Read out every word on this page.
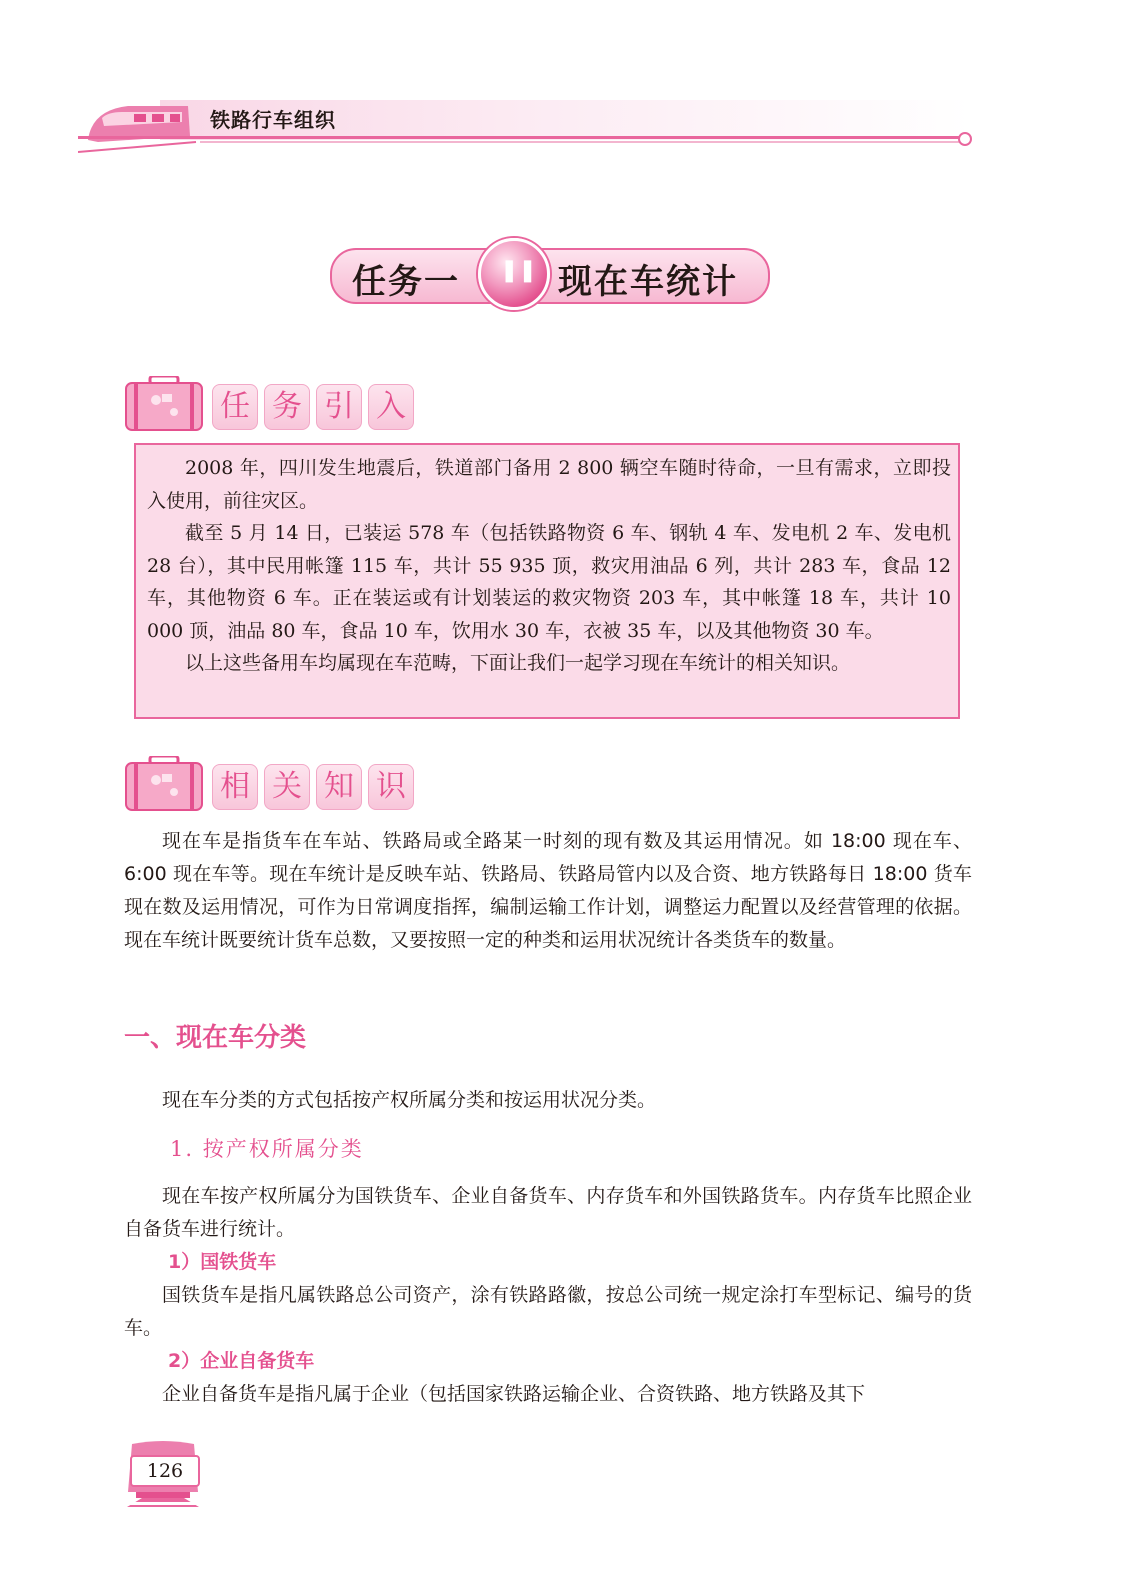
铁路行车组织
任务一	现在车统计
❚❚
任 务 引 入

2008 年，四川发生地震后，铁道部门备用 2 800 辆空车随时待命，一旦有需求，立即投入使用，前往灾区。

截至 5 月 14 日，已装运 578 车（包括铁路物资 6 车、钢轨 4 车、发电机 2 车、发电机 28 台），其中民用帐篷 115 车，共计 55 935 顶，救灾用油品 6 列，共计 283 车，食品 12 车，其他物资 6 车。正在装运或有计划装运的救灾物资 203 车，其中帐篷 18 车，共计 10 000 顶，油品 80 车，食品 10 车，饮用水 30 车，衣被 35 车，以及其他物资 30 车。

以上这些备用车均属现在车范畴，下面让我们一起学习现在车统计的相关知识。

相 关 知 识

现在车是指货车在车站、铁路局或全路某一时刻的现有数及其运用情况。如 18:00 现在车、6:00 现在车等。现在车统计是反映车站、铁路局、铁路局管内以及合资、地方铁路每日 18:00 货车现在数及运用情况，可作为日常调度指挥，编制运输工作计划，调整运力配置以及经营管理的依据。现在车统计既要统计货车总数，又要按照一定的种类和运用状况统计各类货车的数量。

一、现在车分类

现在车分类的方式包括按产权所属分类和按运用状况分类。

1. 按产权所属分类

现在车按产权所属分为国铁货车、企业自备货车、内存货车和外国铁路货车。内存货车比照企业自备货车进行统计。

1）国铁货车

国铁货车是指凡属铁路总公司资产，涂有铁路路徽，按总公司统一规定涂打车型标记、编号的货车。

2）企业自备货车

企业自备货车是指凡属于企业（包括国家铁路运输企业、合资铁路、地方铁路及其下

126
